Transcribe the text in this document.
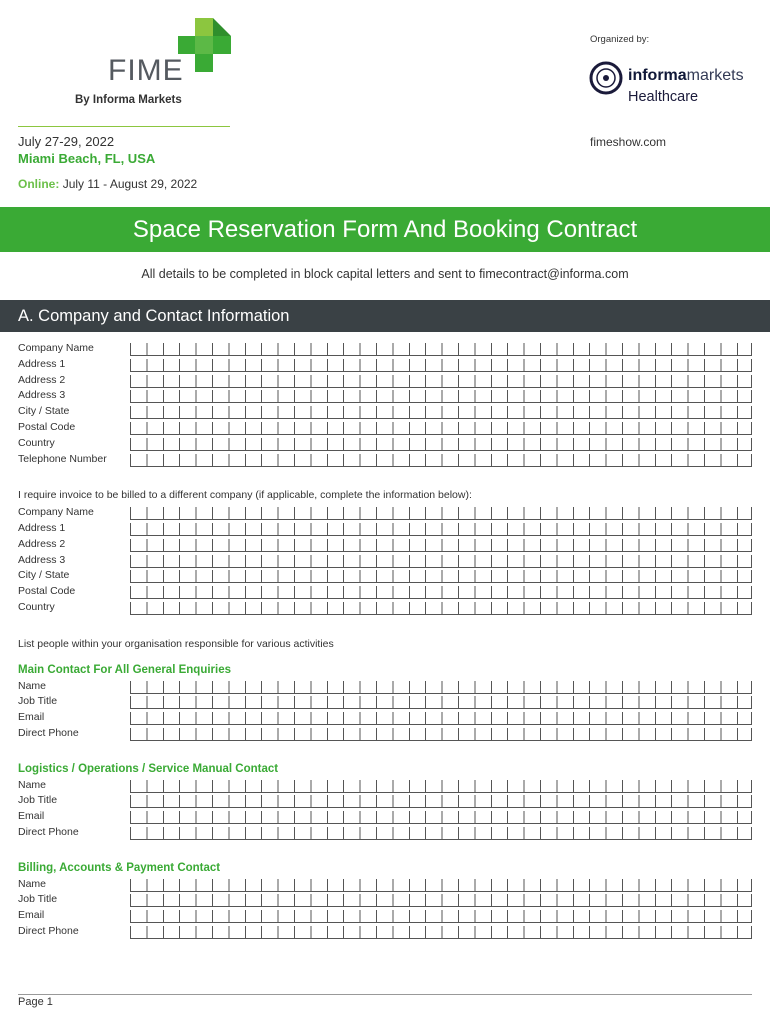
FIME
By Informa Markets
July 27-29, 2022
Miami Beach, FL, USA
Online: July 11 - August 29, 2022
Organized by:
informamarkets
Healthcare
fimeshow.com
Space Reservation Form And Booking Contract
All details to be completed in block capital letters and sent to fimecontract@informa.com
A. Company and Contact Information
Company Name
Address 1
Address 2
Address 3
City / State
Postal Code
Country
Telephone Number
I require invoice to be billed to a different company (if applicable, complete the information below):
Company Name
Address 1
Address 2
Address 3
City / State
Postal Code
Country
List people within your organisation responsible for various activities
Main Contact For All General Enquiries
Name
Job Title
Email
Direct Phone
Logistics / Operations / Service Manual Contact
Name
Job Title
Email
Direct Phone
Billing, Accounts & Payment Contact
Name
Job Title
Email
Direct Phone
Page 1
